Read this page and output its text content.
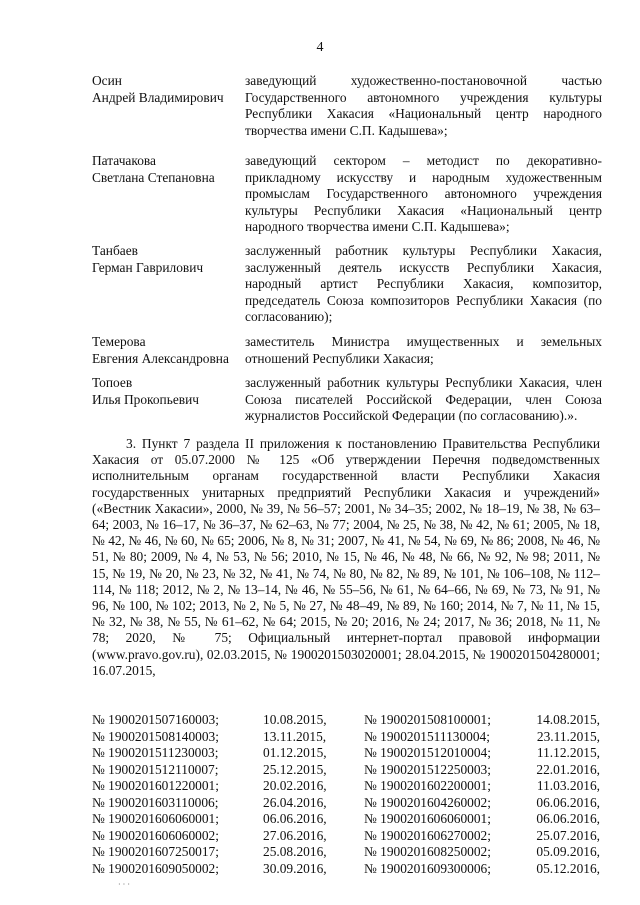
4
Осин
Андрей Владимирович
заведующий художественно-постановочной частью Государственного автономного учреждения культуры Республики Хакасия «Национальный центр народного творчества имени С.П. Кадышева»;
Патачакова
Светлана Степановна
заведующий сектором – методист по декоративно-прикладному искусству и народным художественным промыслам Государственного автономного учреждения культуры Республики Хакасия «Национальный центр народного творчества имени С.П. Кадышева»;
Танбаев
Герман Гаврилович
заслуженный работник культуры Республики Хакасия, заслуженный деятель искусств Республики Хакасия, народный артист Республики Хакасия, композитор, председатель Союза композиторов Республики Хакасия (по согласованию);
Темерова
Евгения Александровна
заместитель Министра имущественных и земельных отношений Республики Хакасия;
Топоев
Илья Прокопьевич
заслуженный работник культуры Республики Хакасия, член Союза писателей Российской Федерации, член Союза журналистов Российской Федерации (по согласованию).».
3. Пункт 7 раздела II приложения к постановлению Правительства Республики Хакасия от 05.07.2000 № 125 «Об утверждении Перечня подведомственных исполнительным органам государственной власти Республики Хакасия государственных унитарных предприятий Республики Хакасия и учреждений» («Вестник Хакасии», 2000, № 39, № 56–57; 2001, № 34–35; 2002, № 18–19, № 38, № 63–64; 2003, № 16–17, № 36–37, № 62–63, № 77; 2004, № 25, № 38, № 42, № 61; 2005, № 18, № 42, № 46, № 60, № 65; 2006, № 8, № 31; 2007, № 41, № 54, № 69, № 86; 2008, № 46, № 51, № 80; 2009, № 4, № 53, № 56; 2010, № 15, № 46, № 48, № 66, № 92, № 98; 2011, № 15, № 19, № 20, № 23, № 32, № 41, № 74, № 80, № 82, № 89, № 101, № 106–108, № 112–114, № 118; 2012, № 2, № 13–14, № 46, № 55–56, № 61, № 64–66, № 69, № 73, № 91, № 96, № 100, № 102; 2013, № 2, № 5, № 27, № 48–49, № 89, № 160; 2014, № 7, № 11, № 15, № 32, № 38, № 55, № 61–62, № 64; 2015, № 20; 2016, № 24; 2017, № 36; 2018, № 11, № 78; 2020, № 75; Официальный интернет-портал правовой информации (www.pravo.gov.ru), 02.03.2015, № 1900201503020001; 28.04.2015, № 1900201504280001; 16.07.2015,
№ 1900201507160003;	10.08.2015,	№ 1900201508100001;	14.08.2015,
№ 1900201508140003;	13.11.2015,	№ 1900201511130004;	23.11.2015,
№ 1900201511230003;	01.12.2015,	№ 1900201512010004;	11.12.2015,
№ 1900201512110007;	25.12.2015,	№ 1900201512250003;	22.01.2016,
№ 1900201601220001;	20.02.2016,	№ 1900201602200001;	11.03.2016,
№ 1900201603110006;	26.04.2016,	№ 1900201604260002;	06.06.2016,
№ 1900201606060001;	06.06.2016,	№ 1900201606060001;	06.06.2016,
№ 1900201606060002;	27.06.2016,	№ 1900201606270002;	25.07.2016,
№ 1900201607250017;	25.08.2016,	№ 1900201608250002;	05.09.2016,
№ 1900201609050002;	30.09.2016,	№ 1900201609300006;	05.12.2016,
· · ·
